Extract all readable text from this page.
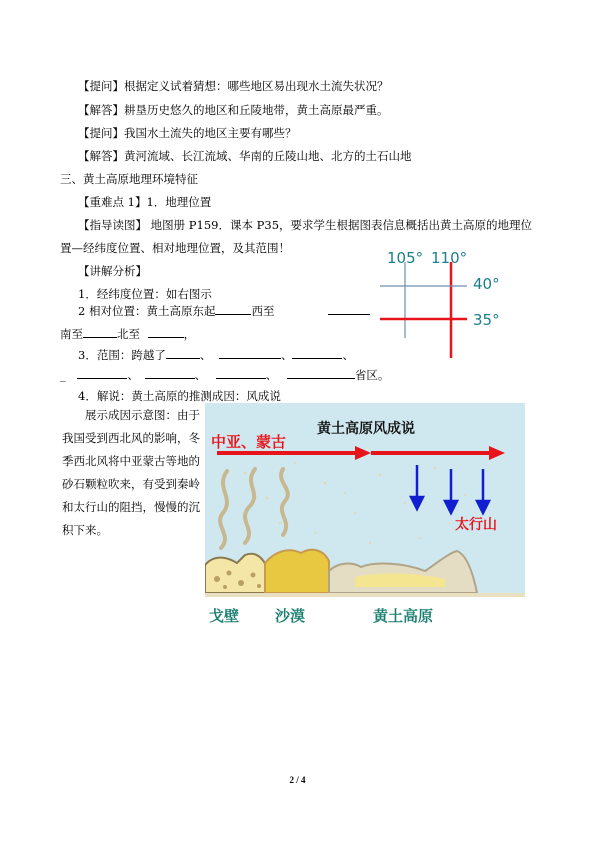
【提问】根据定义试着猜想：哪些地区易出现水土流失状况？
【解答】耕垦历史悠久的地区和丘陵地带，黄土高原最严重。
【提问】我国水土流失的地区主要有哪些？
【解答】黄河流域、长江流域、华南的丘陵山地、北方的土石山地
三、黄土高原地理环境特征
【重难点 1】1．地理位置
【指导读图】 地图册 P159．课本 P35，要求学生根据图表信息概括出黄土高原的地理位
置—经纬度位置、相对地理位置，及其范围！
【讲解分析】
1．经纬度位置：如右图示
2 相对位置：黄土高原东起	西至
南至	北至	，
3．范围：跨越了	、	、	、
_	、	、	、	省区。
4．解说：黄土高原的推测成因：风成说
展示成因示意图：由于我国受到西北风的影响，冬季西北风将中亚蒙古等地的砂石颗粒吹来，有受到秦岭和太行山的阻挡，慢慢的沉积下来。
105° 110°
40°
35°
黄土高原风成说
中亚、蒙古
太行山
戈壁 沙漠	黄土高原
2 / 4
